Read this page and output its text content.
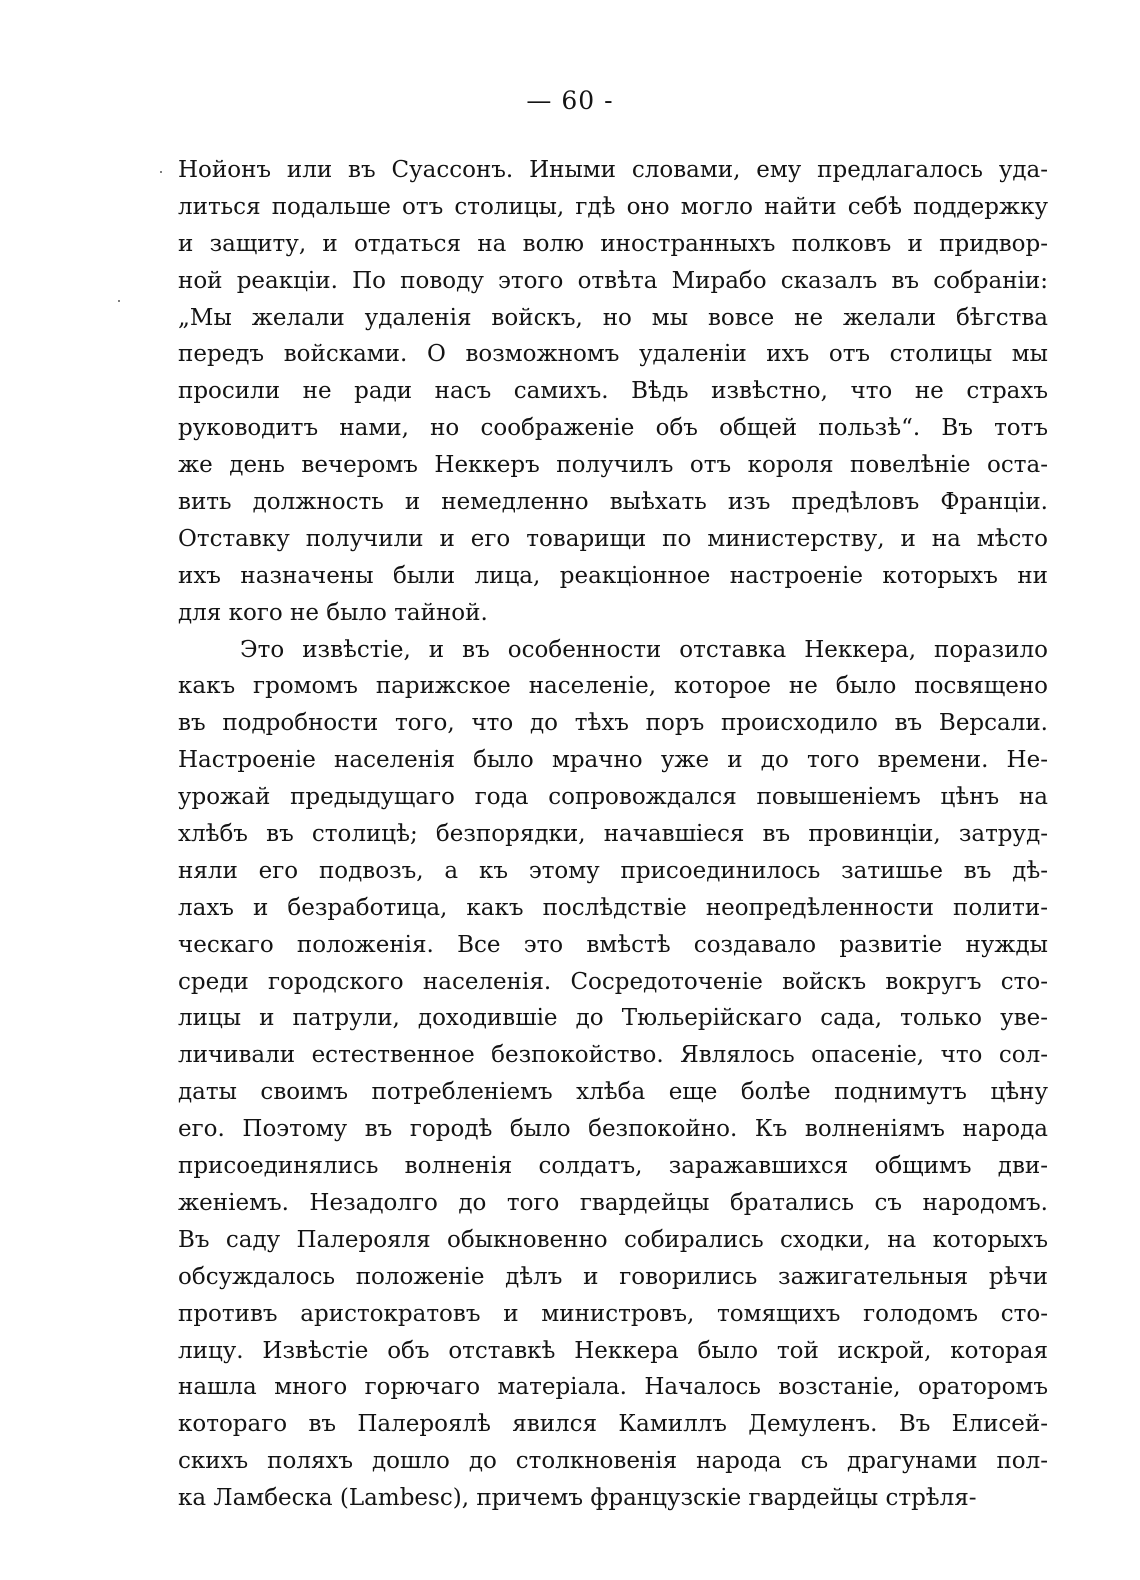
— 60 -
Нойонъ или въ Суассонъ. Иными словами, ему предлагалось уда-
литься подальше отъ столицы, гдѣ оно могло найти себѣ поддержку
и защиту, и отдаться на волю иностранныхъ полковъ и придвор-
ной реакціи. По поводу этого отвѣта Мирабо сказалъ въ собраніи:
„Мы желали удаленія войскъ, но мы вовсе не желали бѣгства
передъ войсками. О возможномъ удаленіи ихъ отъ столицы мы
просили не ради насъ самихъ. Вѣдь извѣстно, что не страхъ
руководитъ нами, но соображеніе объ общей пользѣ“. Въ тотъ
же день вечеромъ Неккеръ получилъ отъ короля повелѣніе оста-
вить должность и немедленно выѣхать изъ предѣловъ Франціи.
Отставку получили и его товарищи по министерству, и на мѣсто
ихъ назначены были лица, реакціонное настроеніе которыхъ ни
для кого не было тайной.
Это извѣстіе, и въ особенности отставка Неккера, поразило
какъ громомъ парижское населеніе, которое не было посвящено
въ подробности того, что до тѣхъ поръ происходило въ Версали.
Настроеніе населенія было мрачно уже и до того времени. Не-
урожай предыдущаго года сопровождался повышеніемъ цѣнъ на
хлѣбъ въ столицѣ; безпорядки, начавшіеся въ провинціи, затруд-
няли его подвозъ, а къ этому присоединилось затишье въ дѣ-
лахъ и безработица, какъ послѣдствіе неопредѣленности полити-
ческаго положенія. Все это вмѣстѣ создавало развитіе нужды
среди городского населенія. Сосредоточеніе войскъ вокругъ сто-
лицы и патрули, доходившіе до Тюльерійскаго сада, только уве-
личивали естественное безпокойство. Являлось опасеніе, что сол-
даты своимъ потребленіемъ хлѣба еще болѣе поднимутъ цѣну
его. Поэтому въ городѣ было безпокойно. Къ волненіямъ народа
присоединялись волненія солдатъ, заражавшихся общимъ дви-
женіемъ. Незадолго до того гвардейцы братались съ народомъ.
Въ саду Палерояля обыкновенно собирались сходки, на которыхъ
обсуждалось положеніе дѣлъ и говорились зажигательныя рѣчи
противъ аристократовъ и министровъ, томящихъ голодомъ сто-
лицу. Извѣстіе объ отставкѣ Неккера было той искрой, которая
нашла много горючаго матеріала. Началось возстаніе, ораторомъ
котораго въ Палероялѣ явился Камиллъ Демуленъ. Въ Елисей-
скихъ поляхъ дошло до столкновенія народа съ драгунами пол-
ка Ламбеска (Lambesc), причемъ французскіе гвардейцы стрѣля-
